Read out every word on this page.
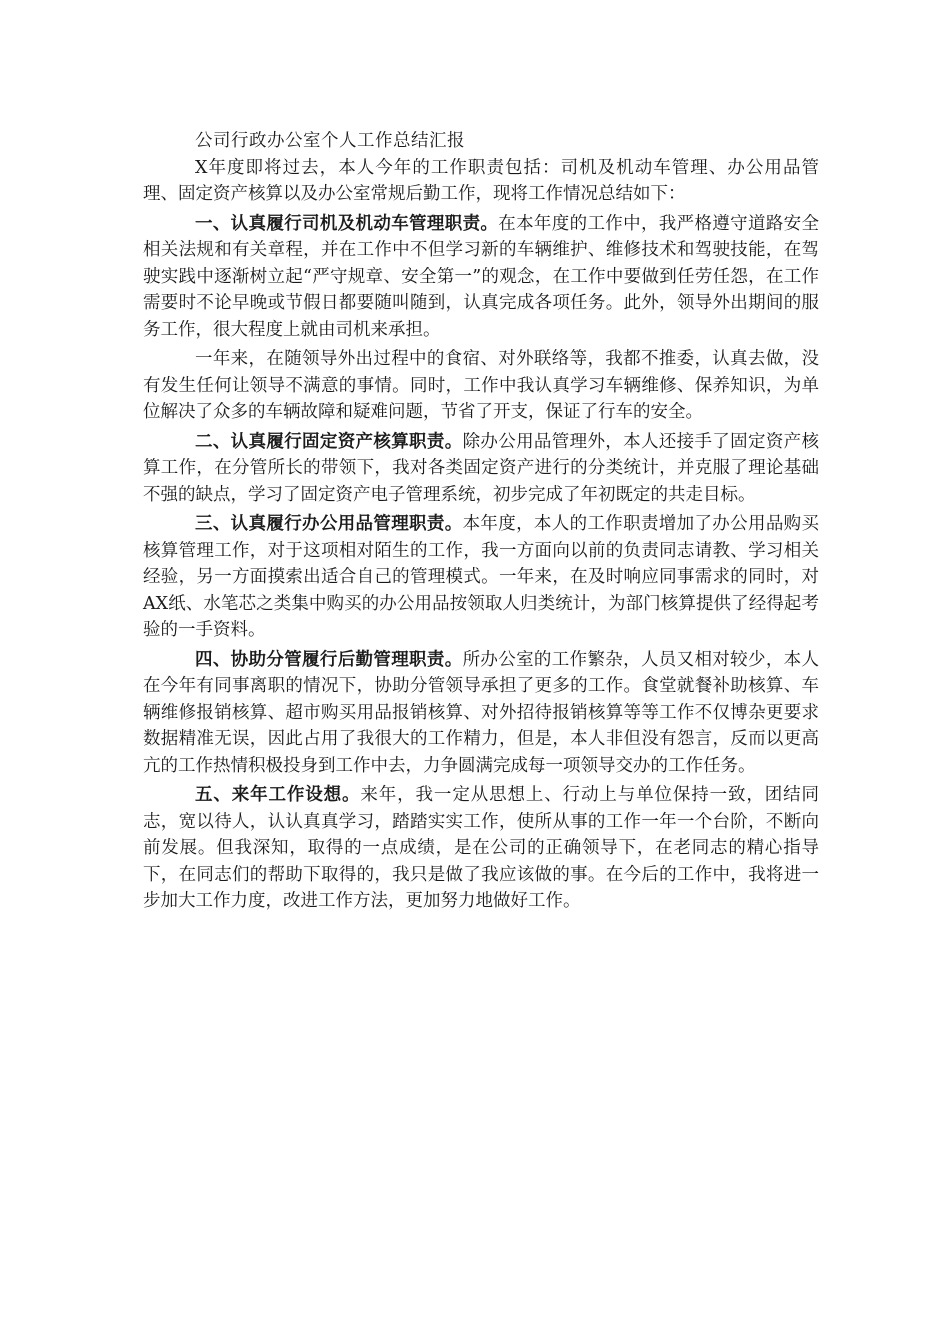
公司行政办公室个人工作总结汇报

X年度即将过去，本人今年的工作职责包括：司机及机动车管理、办公用品管理、固定资产核算以及办公室常规后勤工作，现将工作情况总结如下：

一、认真履行司机及机动车管理职责。在本年度的工作中，我严格遵守道路安全相关法规和有关章程，并在工作中不但学习新的车辆维护、维修技术和驾驶技能，在驾驶实践中逐渐树立起“严守规章、安全第一”的观念，在工作中要做到任劳任怨，在工作需要时不论早晚或节假日都要随叫随到，认真完成各项任务。此外，领导外出期间的服务工作，很大程度上就由司机来承担。

一年来，在随领导外出过程中的食宿、对外联络等，我都不推委，认真去做，没有发生任何让领导不满意的事情。同时，工作中我认真学习车辆维修、保养知识，为单位解决了众多的车辆故障和疑难问题，节省了开支，保证了行车的安全。

二、认真履行固定资产核算职责。除办公用品管理外，本人还接手了固定资产核算工作，在分管所长的带领下，我对各类固定资产进行的分类统计，并克服了理论基础不强的缺点，学习了固定资产电子管理系统，初步完成了年初既定的共走目标。

三、认真履行办公用品管理职责。本年度，本人的工作职责增加了办公用品购买核算管理工作，对于这项相对陌生的工作，我一方面向以前的负责同志请教、学习相关经验，另一方面摸索出适合自己的管理模式。一年来，在及时响应同事需求的同时，对AX纸、水笔芯之类集中购买的办公用品按领取人归类统计，为部门核算提供了经得起考验的一手资料。

四、协助分管履行后勤管理职责。所办公室的工作繁杂，人员又相对较少，本人在今年有同事离职的情况下，协助分管领导承担了更多的工作。食堂就餐补助核算、车辆维修报销核算、超市购买用品报销核算、对外招待报销核算等等工作不仅博杂更要求数据精准无误，因此占用了我很大的工作精力，但是，本人非但没有怨言，反而以更高亢的工作热情积极投身到工作中去，力争圆满完成每一项领导交办的工作任务。

五、来年工作设想。来年，我一定从思想上、行动上与单位保持一致，团结同志，宽以待人，认认真真学习，踏踏实实工作，使所从事的工作一年一个台阶，不断向前发展。但我深知，取得的一点成绩，是在公司的正确领导下，在老同志的精心指导下，在同志们的帮助下取得的，我只是做了我应该做的事。在今后的工作中，我将进一步加大工作力度，改进工作方法，更加努力地做好工作。
